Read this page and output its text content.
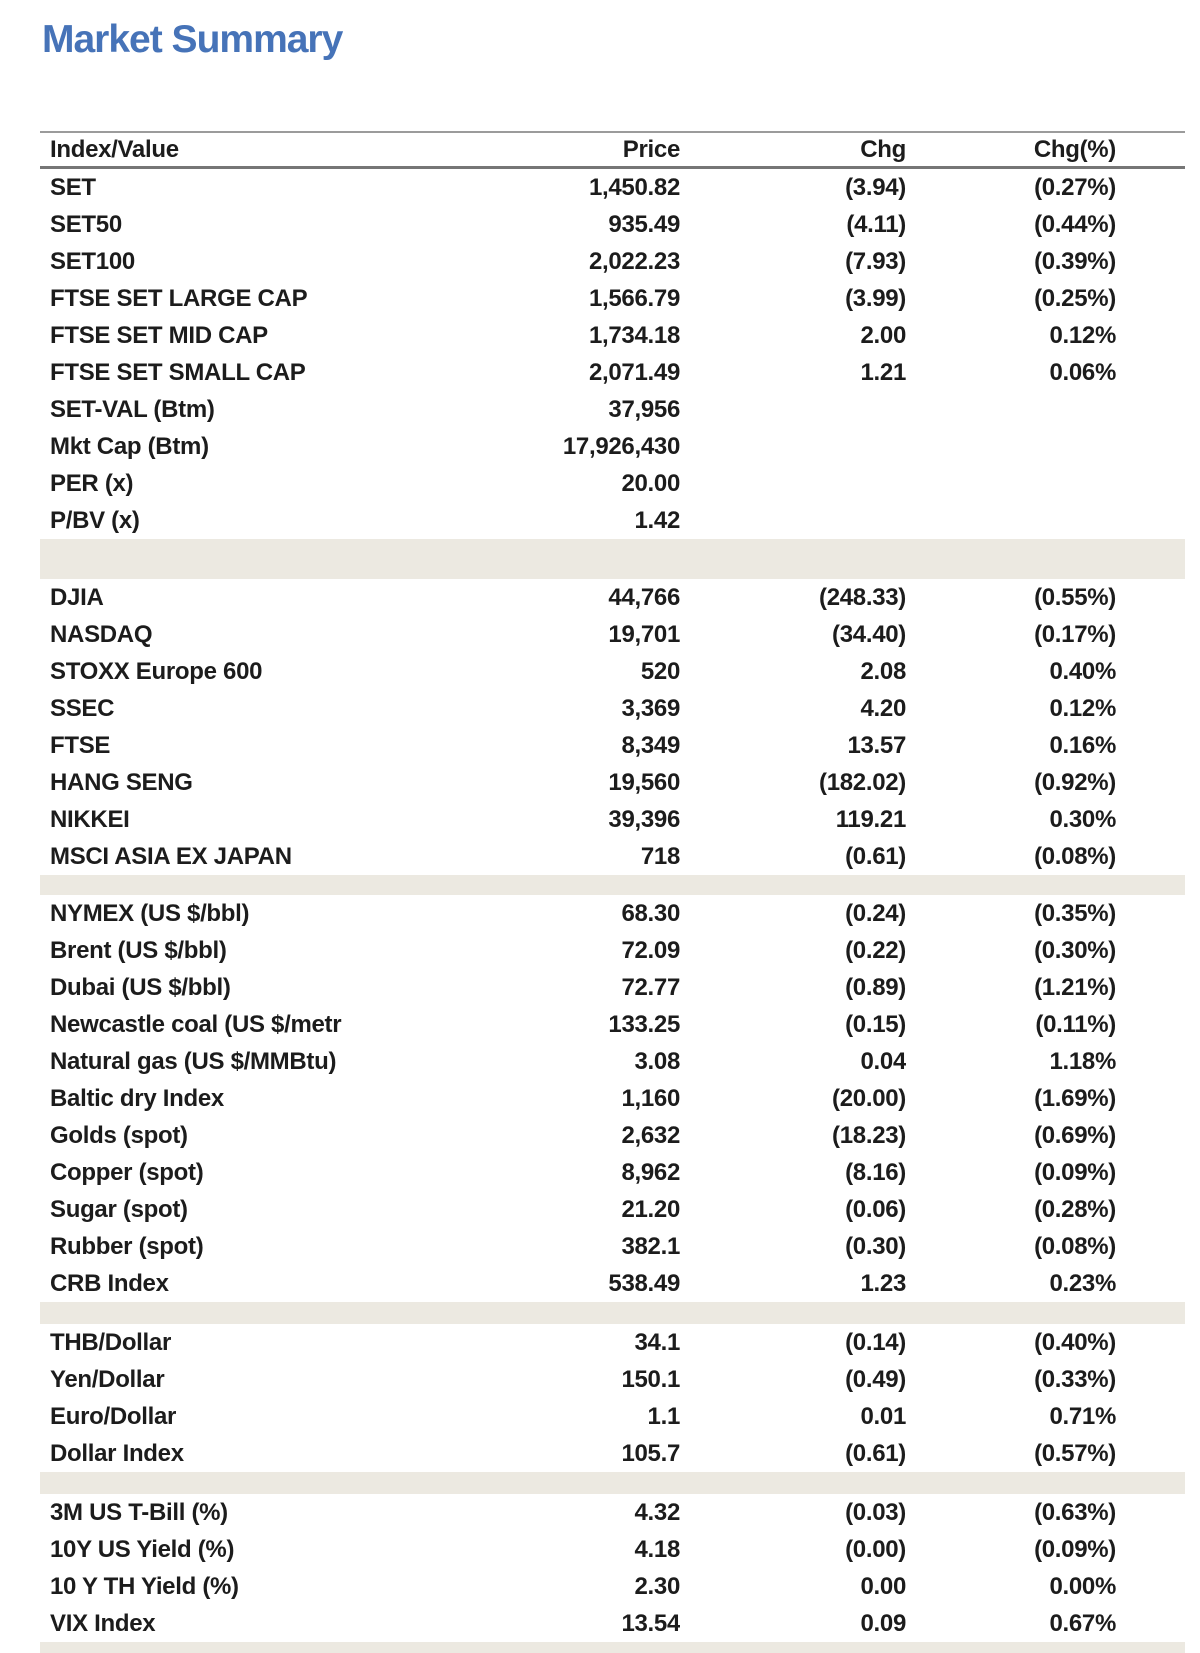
Market Summary
Index/Value	Price	Chg	Chg(%)
SET	1,450.82	(3.94)	(0.27%)
SET50	935.49	(4.11)	(0.44%)
SET100	2,022.23	(7.93)	(0.39%)
FTSE SET LARGE CAP	1,566.79	(3.99)	(0.25%)
FTSE SET MID CAP	1,734.18	2.00	0.12%
FTSE SET SMALL CAP	2,071.49	1.21	0.06%
SET-VAL (Btm)	37,956
Mkt Cap (Btm)	17,926,430
PER (x)	20.00
P/BV (x)	1.42
DJIA	44,766	(248.33)	(0.55%)
NASDAQ	19,701	(34.40)	(0.17%)
STOXX Europe 600	520	2.08	0.40%
SSEC	3,369	4.20	0.12%
FTSE	8,349	13.57	0.16%
HANG SENG	19,560	(182.02)	(0.92%)
NIKKEI	39,396	119.21	0.30%
MSCI ASIA EX JAPAN	718	(0.61)	(0.08%)
NYMEX (US $/bbl)	68.30	(0.24)	(0.35%)
Brent (US $/bbl)	72.09	(0.22)	(0.30%)
Dubai (US $/bbl)	72.77	(0.89)	(1.21%)
Newcastle coal (US $/metr	133.25	(0.15)	(0.11%)
Natural gas (US $/MMBtu)	3.08	0.04	1.18%
Baltic dry Index	1,160	(20.00)	(1.69%)
Golds (spot)	2,632	(18.23)	(0.69%)
Copper (spot)	8,962	(8.16)	(0.09%)
Sugar (spot)	21.20	(0.06)	(0.28%)
Rubber (spot)	382.1	(0.30)	(0.08%)
CRB Index	538.49	1.23	0.23%
THB/Dollar	34.1	(0.14)	(0.40%)
Yen/Dollar	150.1	(0.49)	(0.33%)
Euro/Dollar	1.1	0.01	0.71%
Dollar Index	105.7	(0.61)	(0.57%)
3M US T-Bill (%)	4.32	(0.03)	(0.63%)
10Y US Yield (%)	4.18	(0.00)	(0.09%)
10 Y TH Yield (%)	2.30	0.00	0.00%
VIX Index	13.54	0.09	0.67%
